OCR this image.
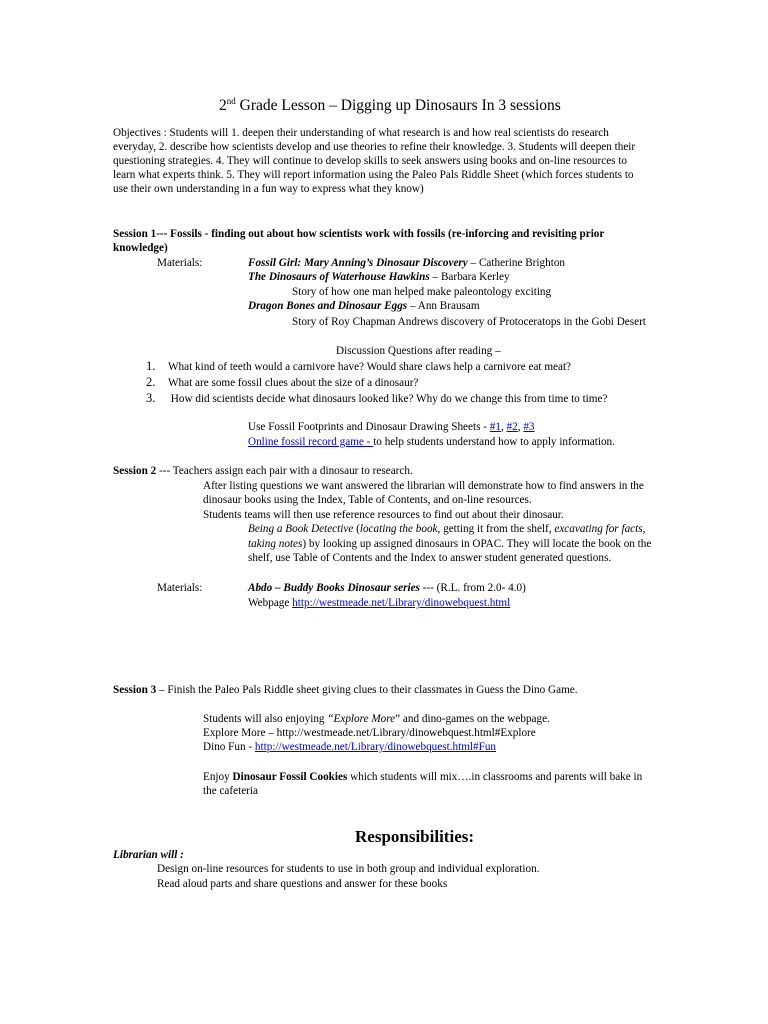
2nd Grade Lesson – Digging up Dinosaurs In 3 sessions
Objectives : Students will 1. deepen their understanding of what research is and how real scientists do research
everyday, 2. describe how scientists develop and use theories to refine their knowledge. 3. Students will deepen their
questioning strategies. 4. They will continue to develop skills to seek answers using books and on-line resources to
learn what experts think. 5. They will report information using the Paleo Pals Riddle Sheet (which forces students to
use their own understanding in a fun way to express what they know)
Session 1--- Fossils - finding out about how scientists work with fossils (re-inforcing and revisiting prior
knowledge)
Materials:	Fossil Girl: Mary Anning’s Dinosaur Discovery – Catherine Brighton
The Dinosaurs of Waterhouse Hawkins – Barbara Kerley
Story of how one man helped make paleontology exciting
Dragon Bones and Dinosaur Eggs – Ann Brausam
Story of Roy Chapman Andrews discovery of Protoceratops in the Gobi Desert
Discussion Questions after reading –
1. What kind of teeth would a carnivore have? Would share claws help a carnivore eat meat?
2. What are some fossil clues about the size of a dinosaur?
3. How did scientists decide what dinosaurs looked like? Why do we change this from time to time?
Use Fossil Footprints and Dinosaur Drawing Sheets - #1, #2, #3
Online fossil record game - to help students understand how to apply information.
Session 2 --- Teachers assign each pair with a dinosaur to research.
After listing questions we want answered the librarian will demonstrate how to find answers in the
dinosaur books using the Index, Table of Contents, and on-line resources.
Students teams will then use reference resources to find out about their dinosaur.
Being a Book Detective (locating the book, getting it from the shelf, excavating for facts,
taking notes) by looking up assigned dinosaurs in OPAC. They will locate the book on the
shelf, use Table of Contents and the Index to answer student generated questions.
Materials:	Abdo – Buddy Books Dinosaur series --- (R.L. from 2.0- 4.0)
Webpage http://westmeade.net/Library/dinowebquest.html
Session 3 – Finish the Paleo Pals Riddle sheet giving clues to their classmates in Guess the Dino Game.
Students will also enjoying “Explore More” and dino-games on the webpage.
Explore More – http://westmeade.net/Library/dinowebquest.html#Explore
Dino Fun - http://westmeade.net/Library/dinowebquest.html#Fun
Enjoy Dinosaur Fossil Cookies which students will mix….in classrooms and parents will bake in
the cafeteria
Responsibilities:
Librarian will :
Design on-line resources for students to use in both group and individual exploration.
Read aloud parts and share questions and answer for these books
